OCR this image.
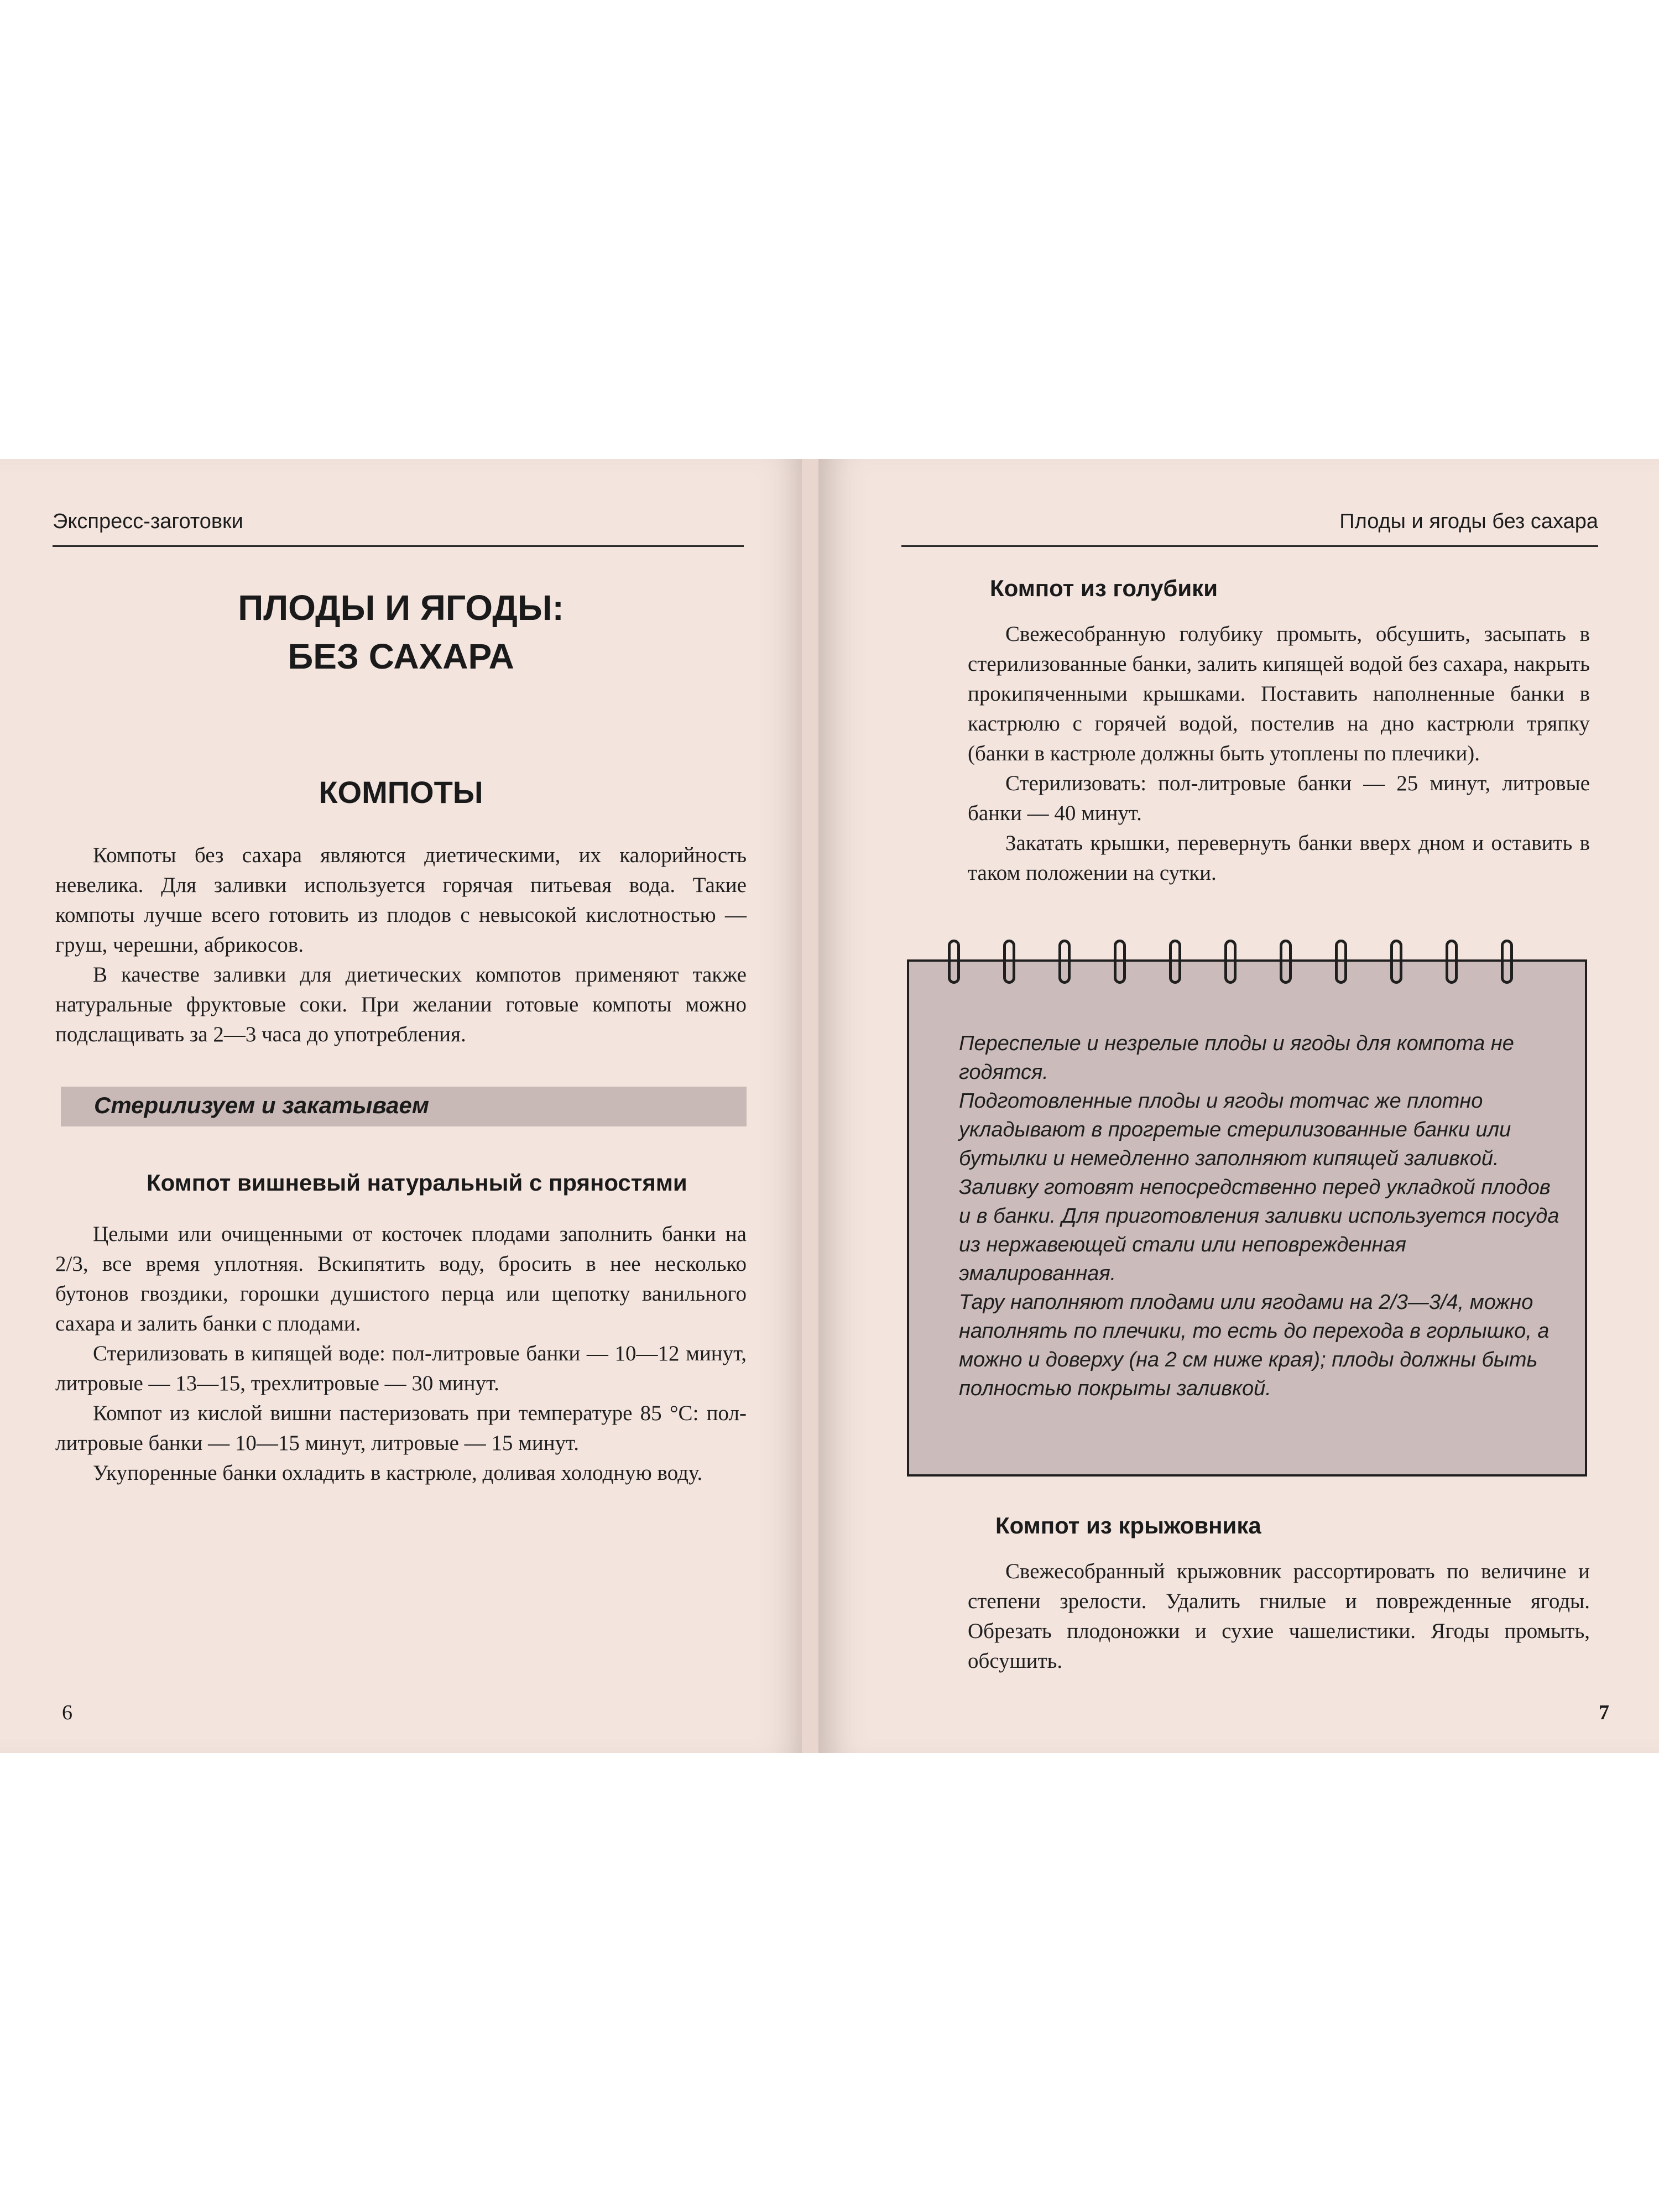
Экспресс-заготовки
ПЛОДЫ И ЯГОДЫ:
БЕЗ САХАРА
КОМПОТЫ

Компоты без сахара являются диетическими, их калорийность невелика. Для заливки используется горячая питьевая вода. Такие компоты лучше всего готовить из плодов с невысокой кислотностью — груш, черешни, абрикосов.

В качестве заливки для диетических компотов применяют также натуральные фруктовые соки. При желании готовые компоты можно подслащивать за 2—3 часа до употребления.

Стерилизуем и закатываем
Компот вишневый натуральный с пряностями

Целыми или очищенными от косточек плодами заполнить банки на 2/3, все время уплотняя. Вскипятить воду, бросить в нее несколько бутонов гвоздики, горошки душистого перца или щепотку ванильного сахара и залить банки с плодами.

Стерилизовать в кипящей воде: пол-литровые банки — 10—12 минут, литровые — 13—15, трехлитровые — 30 минут.

Компот из кислой вишни пастеризовать при температуре 85 °С: пол-литровые банки — 10—15 минут, литровые — 15 минут.

Укупоренные банки охладить в кастрюле, доливая холодную воду.

6
Плоды и ягоды без сахара
Компот из голубики

Свежесобранную голубику промыть, обсушить, засыпать в стерилизованные банки, залить кипящей водой без сахара, накрыть прокипяченными крышками. Поставить наполненные банки в кастрюлю с горячей водой, постелив на дно кастрюли тряпку (банки в кастрюле должны быть утоплены по плечики).

Стерилизовать: пол-литровые банки — 25 минут, литровые банки — 40 минут.

Закатать крышки, перевернуть банки вверх дном и оставить в таком положении на сутки.

Переспелые и незрелые плоды и ягоды для компота не годятся.

Подготовленные плоды и ягоды тотчас же плотно укладывают в прогретые стерилизованные банки или бутылки и немедленно заполняют кипящей заливкой.

Заливку готовят непосредственно перед укладкой плодов и в банки. Для приготовления заливки используется посуда из нержавеющей стали или неповрежденная эмалированная.

Тару наполняют плодами или ягодами на 2/3—3/4, можно наполнять по плечики, то есть до перехода в горлышко, а можно и доверху (на 2 см ниже края); плоды должны быть полностью покрыты заливкой.

Компот из крыжовника

Свежесобранный крыжовник рассортировать по величине и степени зрелости. Удалить гнилые и поврежденные ягоды. Обрезать плодоножки и сухие чашелистики. Ягоды промыть, обсушить.

7
